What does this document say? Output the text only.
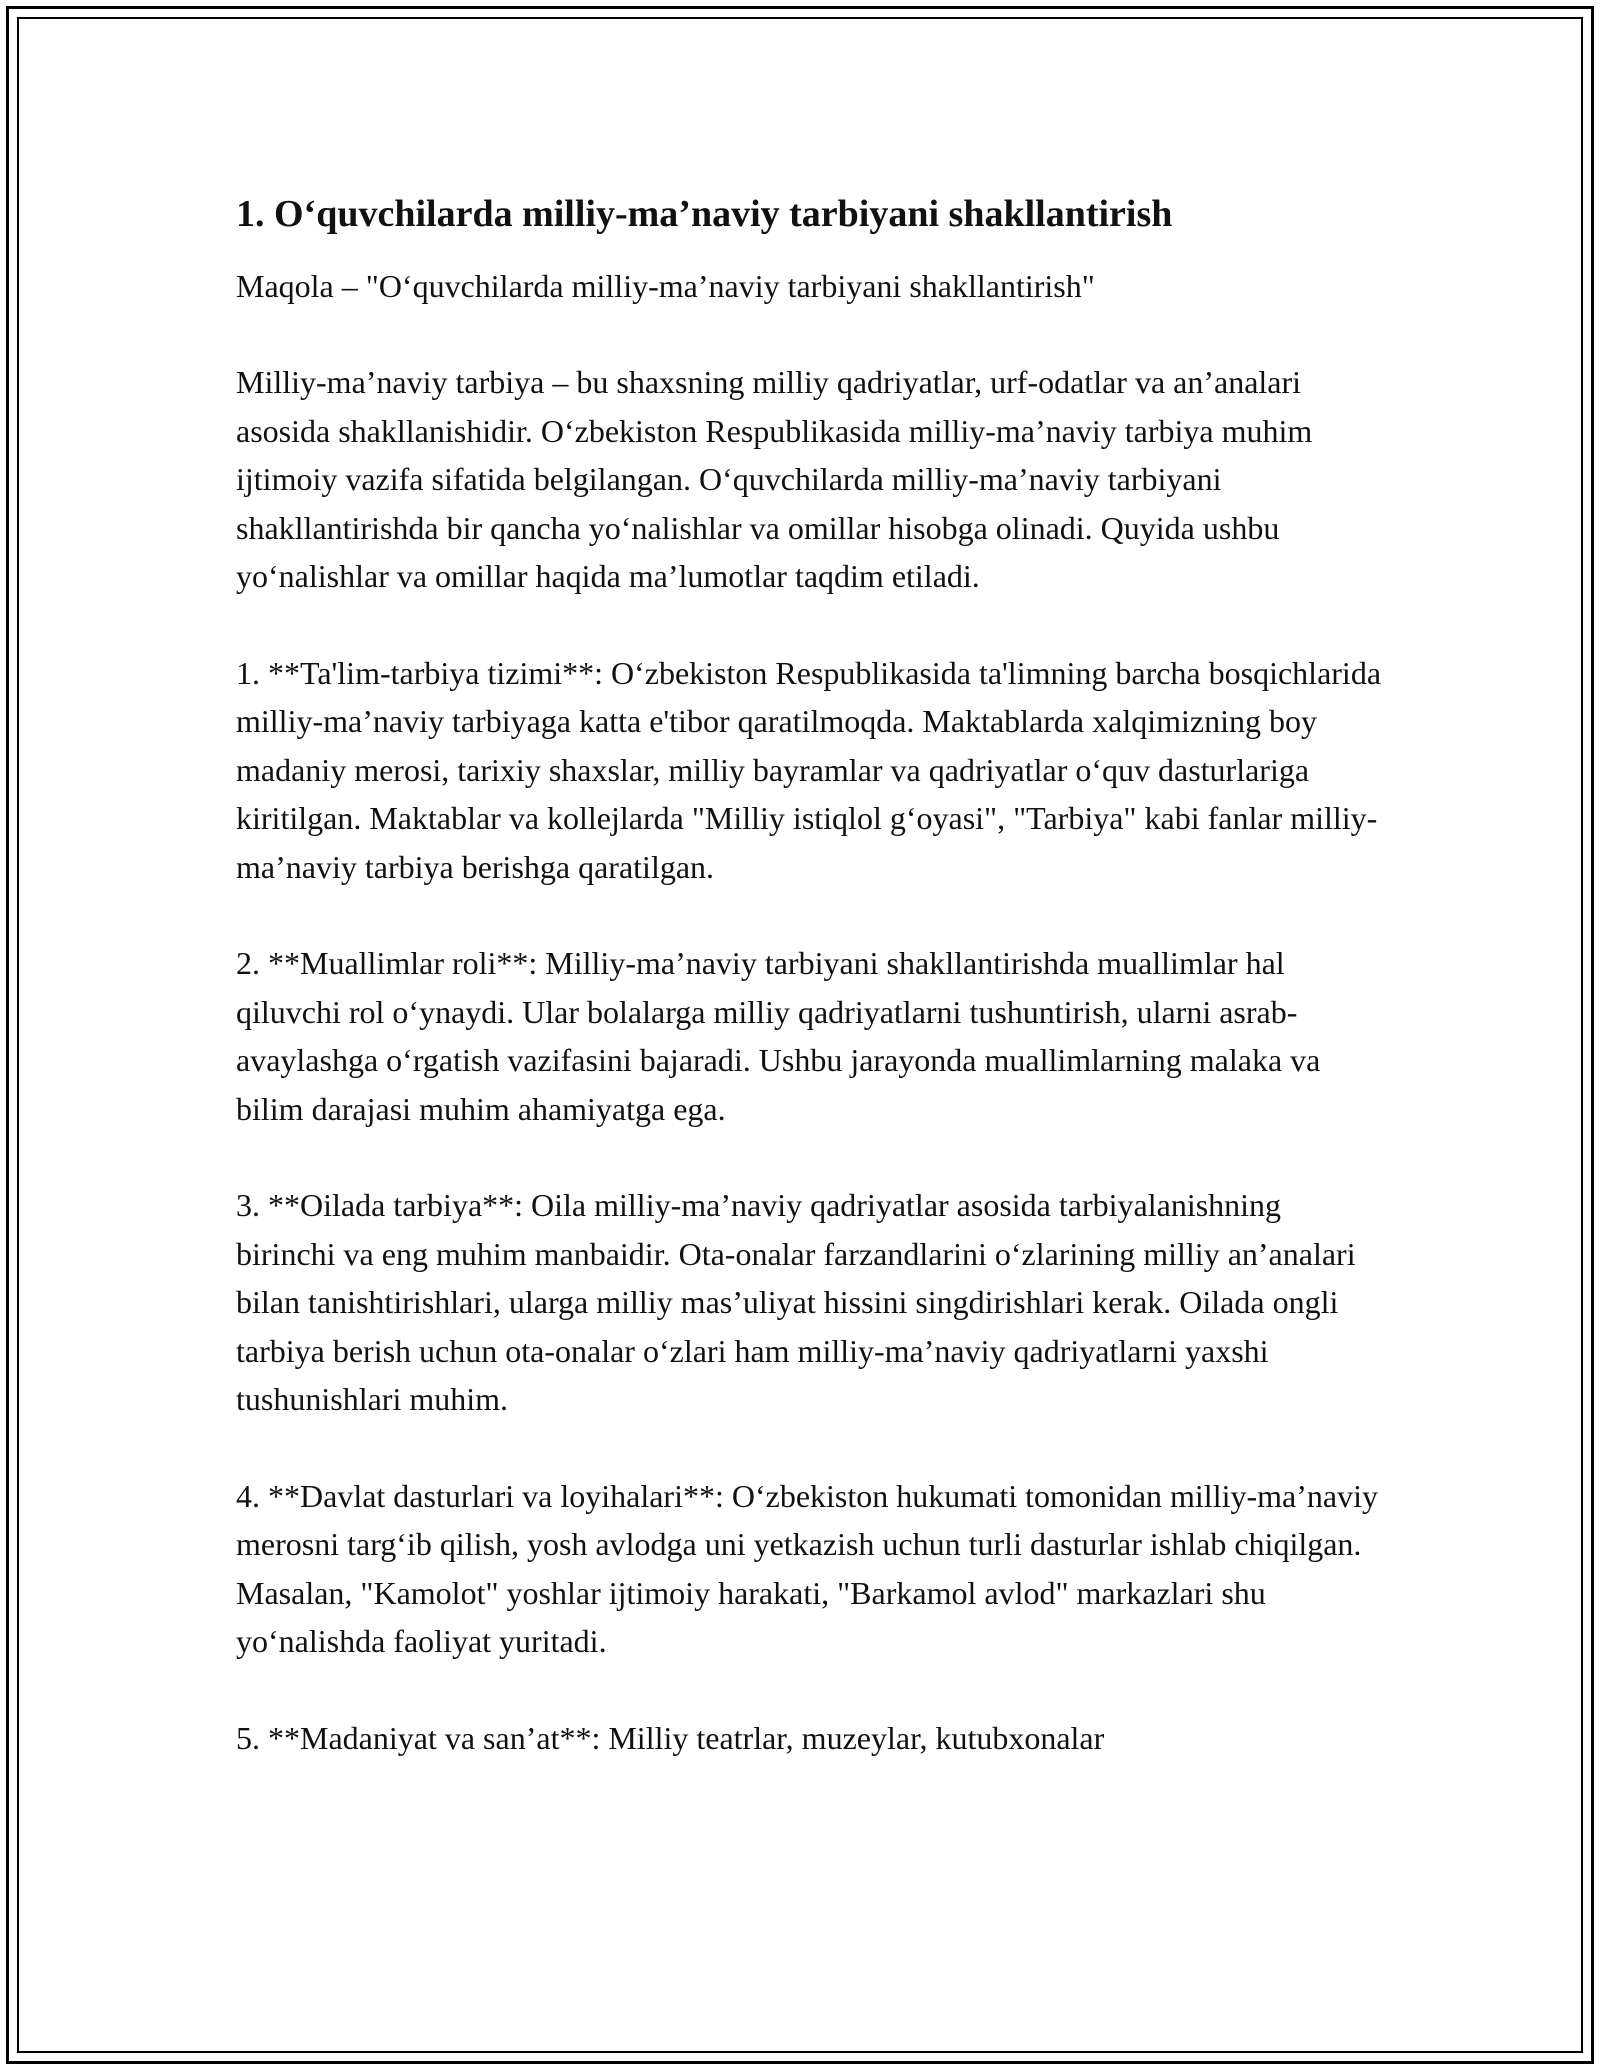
1. O‘quvchilarda milliy-ma’naviy tarbiyani shakllantirish

Maqola – "O‘quvchilarda milliy-ma’naviy tarbiyani shakllantirish"

Milliy-ma’naviy tarbiya – bu shaxsning milliy qadriyatlar, urf-odatlar va an’analari asosida shakllanishidir. O‘zbekiston Respublikasida milliy-ma’naviy tarbiya muhim ijtimoiy vazifa sifatida belgilangan. O‘quvchilarda milliy-ma’naviy tarbiyani shakllantirishda bir qancha yo‘nalishlar va omillar hisobga olinadi. Quyida ushbu yo‘nalishlar va omillar haqida ma’lumotlar taqdim etiladi.

1. **Ta'lim-tarbiya tizimi**: O‘zbekiston Respublikasida ta'limning barcha bosqichlarida milliy-ma’naviy tarbiyaga katta e'tibor qaratilmoqda. Maktablarda xalqimizning boy madaniy merosi, tarixiy shaxslar, milliy bayramlar va qadriyatlar o‘quv dasturlariga kiritilgan. Maktablar va kollejlarda "Milliy istiqlol g‘oyasi", "Tarbiya" kabi fanlar milliy-ma’naviy tarbiya berishga qaratilgan.

2. **Muallimlar roli**: Milliy-ma’naviy tarbiyani shakllantirishda muallimlar hal qiluvchi rol o‘ynaydi. Ular bolalarga milliy qadriyatlarni tushuntirish, ularni asrab-avaylashga o‘rgatish vazifasini bajaradi. Ushbu jarayonda muallimlarning malaka va bilim darajasi muhim ahamiyatga ega.

3. **Oilada tarbiya**: Oila milliy-ma’naviy qadriyatlar asosida tarbiyalanishning birinchi va eng muhim manbaidir. Ota-onalar farzandlarini o‘zlarining milliy an’analari bilan tanishtirishlari, ularga milliy mas’uliyat hissini singdirishlari kerak. Oilada ongli tarbiya berish uchun ota-onalar o‘zlari ham milliy-ma’naviy qadriyatlarni yaxshi tushunishlari muhim.

4. **Davlat dasturlari va loyihalari**: O‘zbekiston hukumati tomonidan milliy-ma’naviy merosni targ‘ib qilish, yosh avlodga uni yetkazish uchun turli dasturlar ishlab chiqilgan. Masalan, "Kamolot" yoshlar ijtimoiy harakati, "Barkamol avlod" markazlari shu yo‘nalishda faoliyat yuritadi.

5. **Madaniyat va san’at**: Milliy teatrlar, muzeylar, kutubxonalar
